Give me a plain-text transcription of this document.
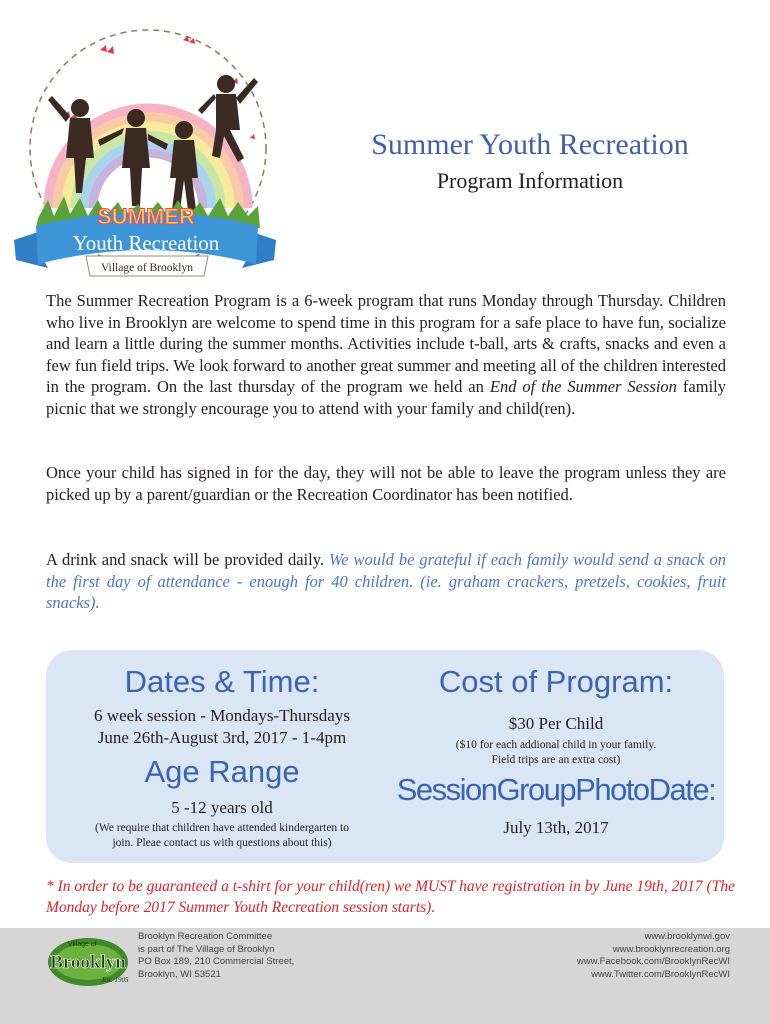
SUMMER
Youth Recreation
Village of Brooklyn
Summer Youth Recreation
Program Information

The Summer Recreation Program is a 6-week program that runs Monday through Thursday. Children who live in Brooklyn are welcome to spend time in this program for a safe place to have fun, socialize and learn a little during the summer months. Activities include t-ball, arts & crafts, snacks and even a few fun field trips. We look forward to another great summer and meeting all of the children interested in the program. On the last thursday of the program we held an End of the Summer Session family picnic that we strongly encourage you to attend with your family and child(ren).

Once your child has signed in for the day, they will not be able to leave the program unless they are picked up by a parent/guardian or the Recreation Coordinator has been notified.

A drink and snack will be provided daily. We would be grateful if each family would send a snack on the first day of attendance - enough for 40 children. (ie. graham crackers, pretzels, cookies, fruit snacks).

Dates & Time:

6 week session - Mondays-Thursdays

June 26th-August 3rd, 2017 - 1-4pm

Age Range

5 -12 years old

(We require that children have attended kindergarten to

join. Pleae contact us with questions about this)

Cost of Program:

$30 Per Child

($10 for each addional child in your family.

Field trips are an extra cost)

SessionGroupPhotoDate:

July 13th, 2017

* In order to be guaranteed a t-shirt for your child(ren) we MUST have registration in by June 19th, 2017 (The Monday before 2017 Summer Youth Recreation session starts).

Village of
Brooklyn
Est. 1905
Brooklyn Recreation Committee
is part of The Village of Brooklyn
PO Box 189, 210 Commercial Street,
Brooklyn, WI 53521
www.brooklynwi.gov
www.brooklynrecreation.org
www.Facebook.com/BrooklynRecWI
www.Twitter.com/BrooklynRecWI
